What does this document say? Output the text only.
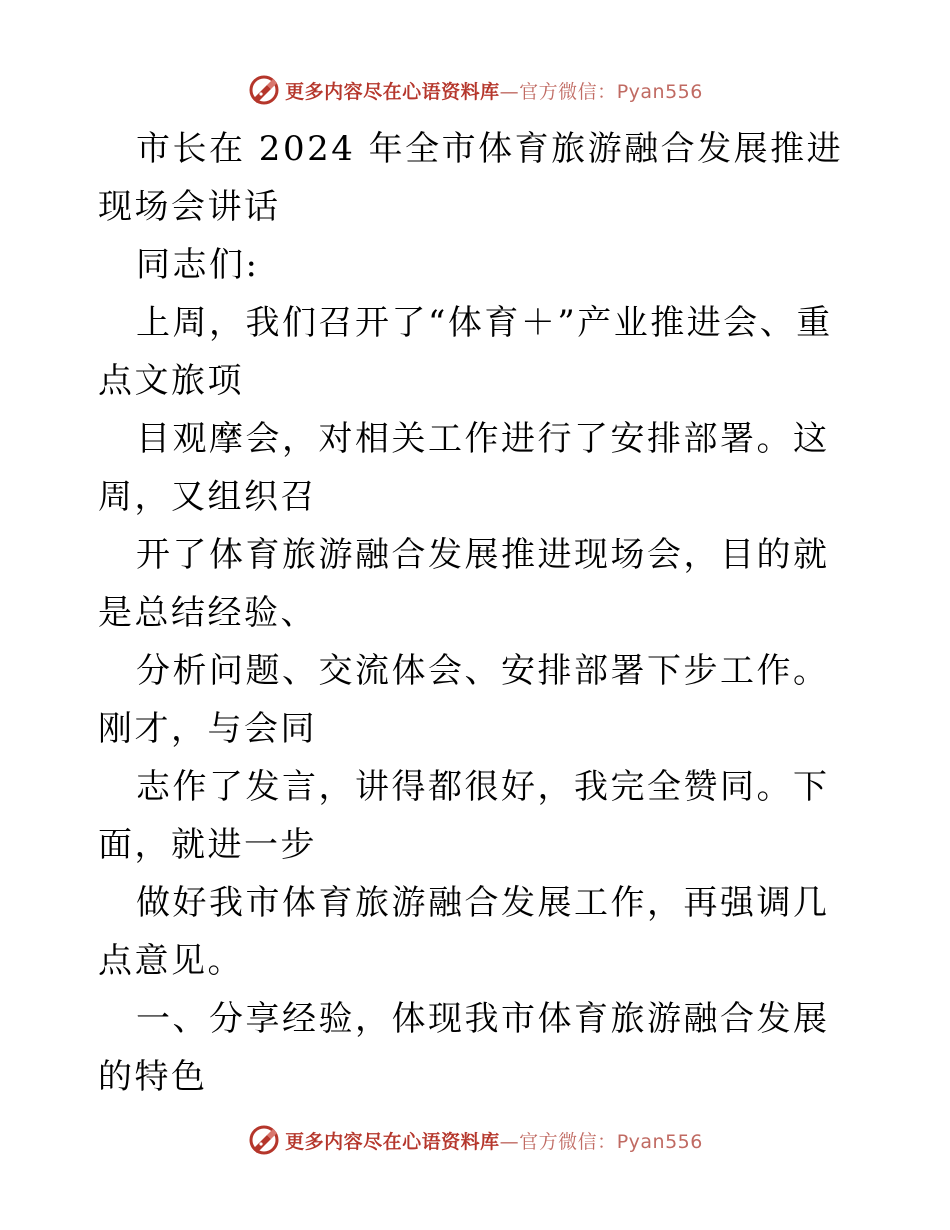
更多内容尽在心语资料库—官方微信：Pyan556

市长在 2024 年全市体育旅游融合发展推进现场会讲话

同志们:

上周，我们召开了“体育＋”产业推进会、重点文旅项

目观摩会，对相关工作进行了安排部署。这周，又组织召

开了体育旅游融合发展推进现场会，目的就是总结经验、

分析问题、交流体会、安排部署下步工作。刚才，与会同

志作了发言，讲得都很好，我完全赞同。下面，就进一步

做好我市体育旅游融合发展工作，再强调几点意见。

一、分享经验，体现我市体育旅游融合发展的特色

更多内容尽在心语资料库—官方微信：Pyan556
